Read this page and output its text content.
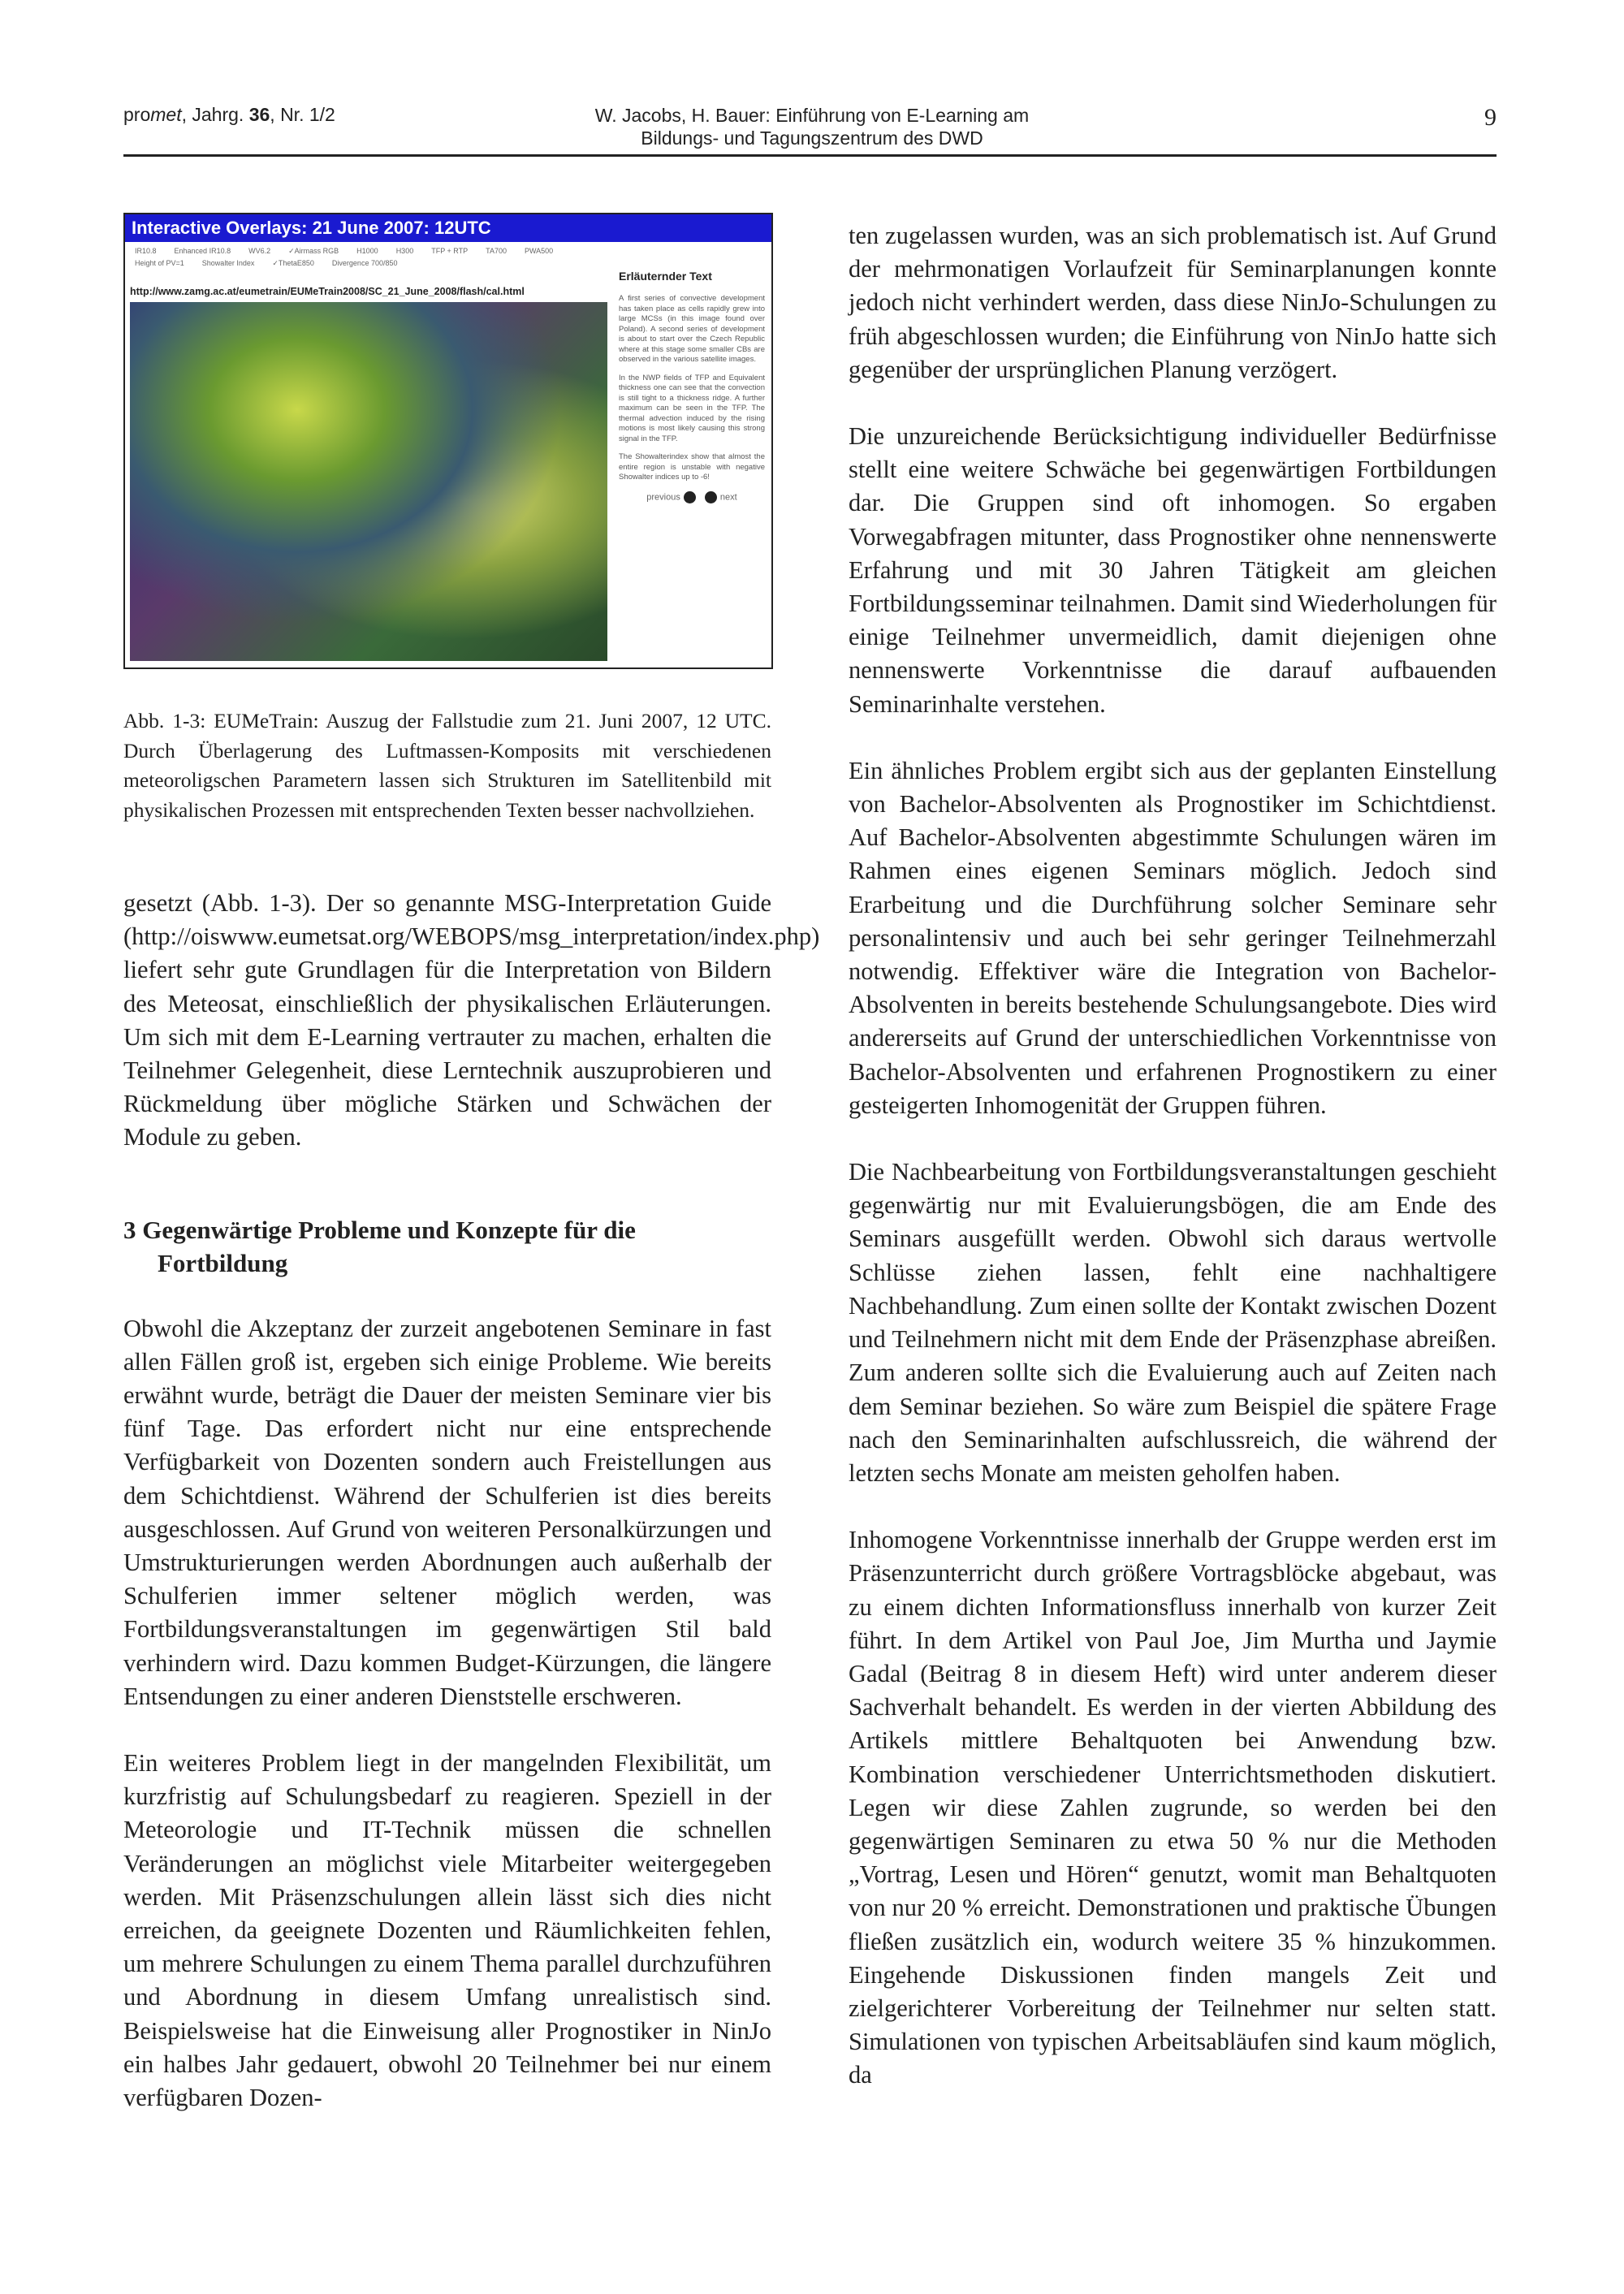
promet, Jahrg. 36, Nr. 1/2	W. Jacobs, H. Bauer: Einführung von E-Learning am
Bildungs- und Tagungszentrum des DWD
9
Interactive Overlays: 21 June 2007: 12UTC
IR10.8 Enhanced IR10.8 WV6.2 ✓Airmass RGB H1000 H300 TFP + RTP TA700 PWA500
Height of PV=1 Showalter Index ✓ThetaE850 Divergence 700/850
http://www.zamg.ac.at/eumetrain/EUMeTrain2008/SC_21_June_2008/flash/cal.html
Erläuternder Text

A first series of convective development has taken place as cells rapidly grew into large MCSs (in this image found over Poland). A second series of development is about to start over the Czech Republic where at this stage some smaller CBs are observed in the various satellite images.

In the NWP fields of TFP and Equivalent thickness one can see that the convection is still tight to a thickness ridge. A further maximum can be seen in the TFP. The thermal advection induced by the rising motions is most likely causing this strong signal in the TFP.

The Showalterindex show that almost the entire region is unstable with negative Showalter indices up to -6!

previous	next
Abb. 1-3: EUMeTrain: Auszug der Fallstudie zum 21. Juni 2007, 12 UTC. Durch Überlagerung des Luftmassen-Komposits mit verschiedenen meteoroligschen Parametern lassen sich Strukturen im Satellitenbild mit physikalischen Prozessen mit entsprechenden Texten besser nachvollziehen.

gesetzt (Abb. 1-3). Der so genannte MSG-Interpretation Guide (http://oiswww.eumetsat.org/WEBOPS/msg_interpretation/index.php) liefert sehr gute Grundlagen für die Interpretation von Bildern des Meteosat, einschließlich der physikalischen Erläuterungen. Um sich mit dem E-Learning vertrauter zu machen, erhalten die Teilnehmer Gelegenheit, diese Lerntechnik auszuprobieren und Rückmeldung über mögliche Stärken und Schwächen der Module zu geben.

3 Gegenwärtige Probleme und Konzepte für die Fortbildung

Obwohl die Akzeptanz der zurzeit angebotenen Seminare in fast allen Fällen groß ist, ergeben sich einige Probleme. Wie bereits erwähnt wurde, beträgt die Dauer der meisten Seminare vier bis fünf Tage. Das erfordert nicht nur eine entsprechende Verfügbarkeit von Dozenten sondern auch Freistellungen aus dem Schichtdienst. Während der Schulferien ist dies bereits ausgeschlossen. Auf Grund von weiteren Personalkürzungen und Umstrukturierungen werden Abordnungen auch außerhalb der Schulferien immer seltener möglich werden, was Fortbildungsveranstaltungen im gegenwärtigen Stil bald verhindern wird. Dazu kommen Budget-Kürzungen, die längere Entsendungen zu einer anderen Dienststelle erschweren.

Ein weiteres Problem liegt in der mangelnden Flexibilität, um kurzfristig auf Schulungsbedarf zu reagieren. Speziell in der Meteorologie und IT-Technik müssen die schnellen Veränderungen an möglichst viele Mitarbeiter weitergegeben werden. Mit Präsenzschulungen allein lässt sich dies nicht erreichen, da geeignete Dozenten und Räumlichkeiten fehlen, um mehrere Schulungen zu einem Thema parallel durchzuführen und Abordnung in diesem Umfang unrealistisch sind. Beispielsweise hat die Einweisung aller Prognostiker in NinJo ein halbes Jahr gedauert, obwohl 20 Teilnehmer bei nur einem verfügbaren Dozen-

ten zugelassen wurden, was an sich problematisch ist. Auf Grund der mehrmonatigen Vorlaufzeit für Seminarplanungen konnte jedoch nicht verhindert werden, dass diese NinJo-Schulungen zu früh abgeschlossen wurden; die Einführung von NinJo hatte sich gegenüber der ursprünglichen Planung verzögert.

Die unzureichende Berücksichtigung individueller Bedürfnisse stellt eine weitere Schwäche bei gegenwärtigen Fortbildungen dar. Die Gruppen sind oft inhomogen. So ergaben Vorwegabfragen mitunter, dass Prognostiker ohne nennenswerte Erfahrung und mit 30 Jahren Tätigkeit am gleichen Fortbildungsseminar teilnahmen. Damit sind Wiederholungen für einige Teilnehmer unvermeidlich, damit diejenigen ohne nennenswerte Vorkenntnisse die darauf aufbauenden Seminarinhalte verstehen.

Ein ähnliches Problem ergibt sich aus der geplanten Einstellung von Bachelor-Absolventen als Prognostiker im Schichtdienst. Auf Bachelor-Absolventen abgestimmte Schulungen wären im Rahmen eines eigenen Seminars möglich. Jedoch sind Erarbeitung und die Durchführung solcher Seminare sehr personalintensiv und auch bei sehr geringer Teilnehmerzahl notwendig. Effektiver wäre die Integration von Bachelor-Absolventen in bereits bestehende Schulungsangebote. Dies wird andererseits auf Grund der unterschiedlichen Vorkenntnisse von Bachelor-Absolventen und erfahrenen Prognostikern zu einer gesteigerten Inhomogenität der Gruppen führen.

Die Nachbearbeitung von Fortbildungsveranstaltungen geschieht gegenwärtig nur mit Evaluierungsbögen, die am Ende des Seminars ausgefüllt werden. Obwohl sich daraus wertvolle Schlüsse ziehen lassen, fehlt eine nachhaltigere Nachbehandlung. Zum einen sollte der Kontakt zwischen Dozent und Teilnehmern nicht mit dem Ende der Präsenzphase abreißen. Zum anderen sollte sich die Evaluierung auch auf Zeiten nach dem Seminar beziehen. So wäre zum Beispiel die spätere Frage nach den Seminarinhalten aufschlussreich, die während der letzten sechs Monate am meisten geholfen haben.

Inhomogene Vorkenntnisse innerhalb der Gruppe werden erst im Präsenzunterricht durch größere Vortragsblöcke abgebaut, was zu einem dichten Informationsfluss innerhalb von kurzer Zeit führt. In dem Artikel von Paul Joe, Jim Murtha und Jaymie Gadal (Beitrag 8 in diesem Heft) wird unter anderem dieser Sachverhalt behandelt. Es werden in der vierten Abbildung des Artikels mittlere Behaltquoten bei Anwendung bzw. Kombination verschiedener Unterrichtsmethoden diskutiert. Legen wir diese Zahlen zugrunde, so werden bei den gegenwärtigen Seminaren zu etwa 50 % nur die Methoden „Vortrag, Lesen und Hören“ genutzt, womit man Behaltquoten von nur 20 % erreicht. Demonstrationen und praktische Übungen fließen zusätzlich ein, wodurch weitere 35 % hinzukommen. Eingehende Diskussionen finden mangels Zeit und zielgerichterer Vorbereitung der Teilnehmer nur selten statt. Simulationen von typischen Arbeitsabläufen sind kaum möglich, da
